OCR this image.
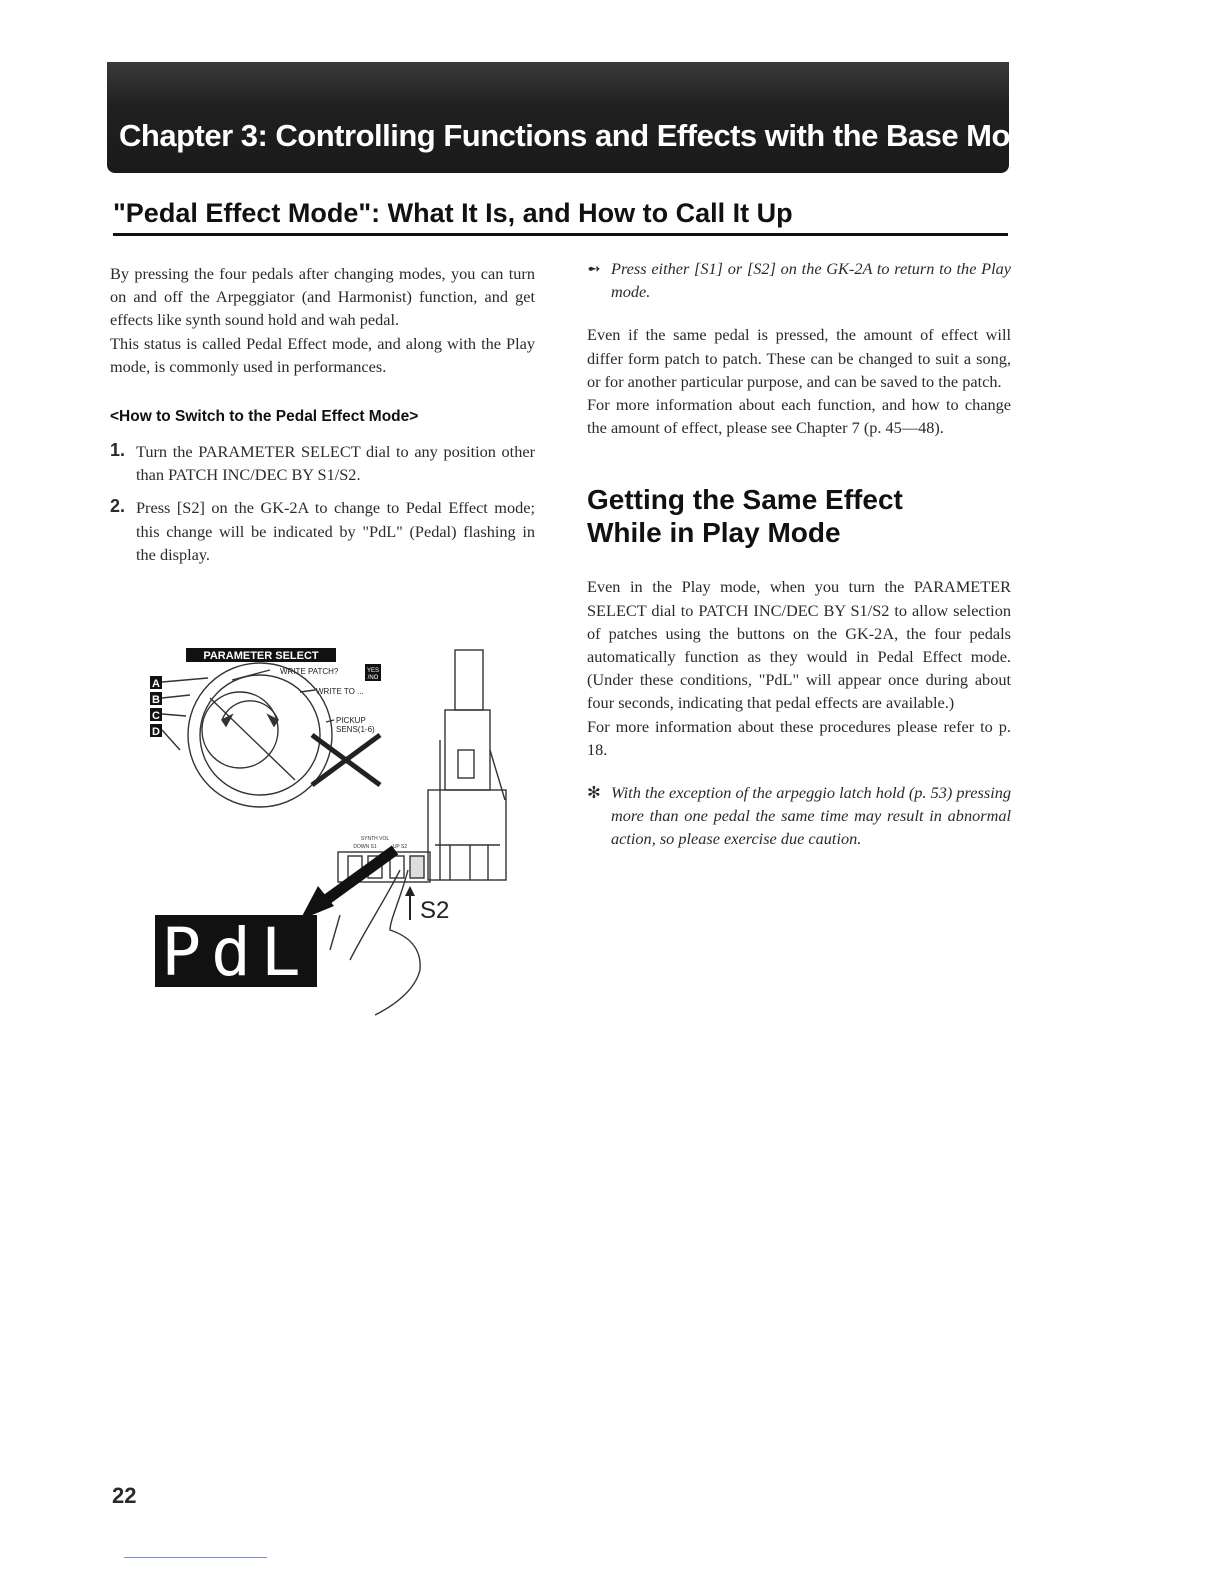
Chapter 3: Controlling Functions and Effects with the Base Module Pedals
"Pedal Effect Mode": What It Is, and How to Call It Up

By pressing the four pedals after changing modes, you can turn on and off the Arpeggiator (and Harmonist) function, and get effects like synth sound hold and wah pedal.

This status is called Pedal Effect mode, and along with the Play mode, is commonly used in performances.

<How to Switch to the Pedal Effect Mode>
1. Turn the PARAMETER SELECT dial to any position other than PATCH INC/DEC BY S1/S2.

2. Press [S2] on the GK-2A to change to Pedal Effect mode; this change will be indicated by "PdL" (Pedal) flashing in the display.

PARAMETER SELECT
WRITE PATCH?	YES
/NO
WRITE TO ...
PICKUP
SENS(1-6)
A
B
C
D
SYNTH VOL
DOWN S1	UP S2
S2
PdL

➻ Press either [S1] or [S2] on the GK-2A to return to the Play mode.

Even if the same pedal is pressed, the amount of effect will differ form patch to patch. These can be changed to suit a song, or for another particular purpose, and can be saved to the patch.

For more information about each function, and how to change the amount of effect, please see Chapter 7 (p. 45—48).

Getting the Same Effect
While in Play Mode

Even in the Play mode, when you turn the PARAMETER SELECT dial to PATCH INC/DEC BY S1/S2 to allow selection of patches using the buttons on the GK-2A, the four pedals automatically function as they would in Pedal Effect mode. (Under these conditions, "PdL" will appear once during about four seconds, indicating that pedal effects are available.)

For more information about these procedures please refer to p. 18.

✻ With the exception of the arpeggio latch hold (p. 53) pressing more than one pedal the same time may result in abnormal action, so please exercise due caution.

22
